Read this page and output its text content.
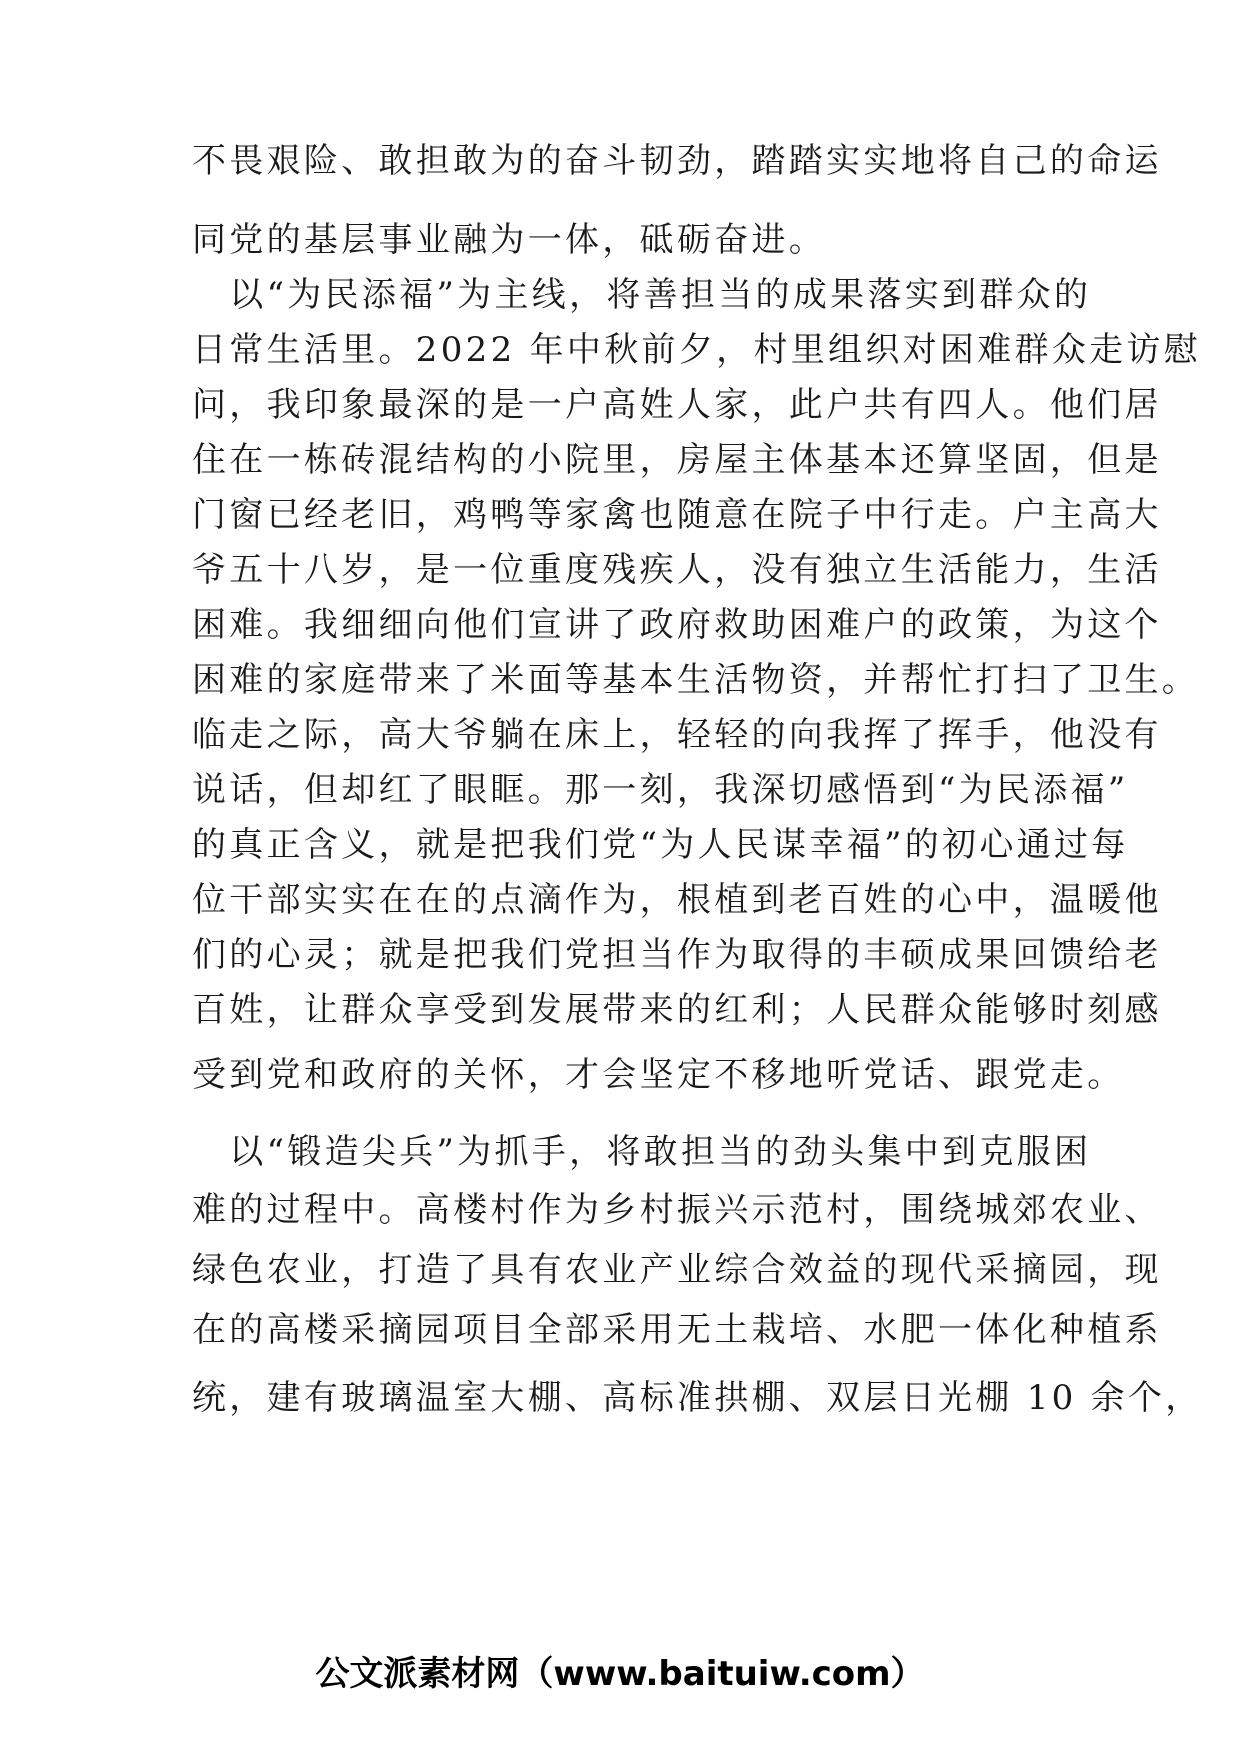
不畏艰险、敢担敢为的奋斗韧劲，踏踏实实地将自己的命运
同党的基层事业融为一体，砥砺奋进。
　以“为民添福”为主线，将善担当的成果落实到群众的
日常生活里。2022 年中秋前夕，村里组织对困难群众走访慰
问，我印象最深的是一户高姓人家，此户共有四人。他们居
住在一栋砖混结构的小院里，房屋主体基本还算坚固，但是
门窗已经老旧，鸡鸭等家禽也随意在院子中行走。户主高大
爷五十八岁，是一位重度残疾人，没有独立生活能力，生活
困难。我细细向他们宣讲了政府救助困难户的政策，为这个
困难的家庭带来了米面等基本生活物资，并帮忙打扫了卫生。
临走之际，高大爷躺在床上，轻轻的向我挥了挥手，他没有
说话，但却红了眼眶。那一刻，我深切感悟到“为民添福”
的真正含义，就是把我们党“为人民谋幸福”的初心通过每
位干部实实在在的点滴作为，根植到老百姓的心中，温暖他
们的心灵；就是把我们党担当作为取得的丰硕成果回馈给老
百姓，让群众享受到发展带来的红利；人民群众能够时刻感
受到党和政府的关怀，才会坚定不移地听党话、跟党走。
　以“锻造尖兵”为抓手，将敢担当的劲头集中到克服困
难的过程中。高楼村作为乡村振兴示范村，围绕城郊农业、
绿色农业，打造了具有农业产业综合效益的现代采摘园，现
在的高楼采摘园项目全部采用无土栽培、水肥一体化种植系
统，建有玻璃温室大棚、高标准拱棚、双层日光棚 10 余个，
公文派素材网（www.baituiw.com）
